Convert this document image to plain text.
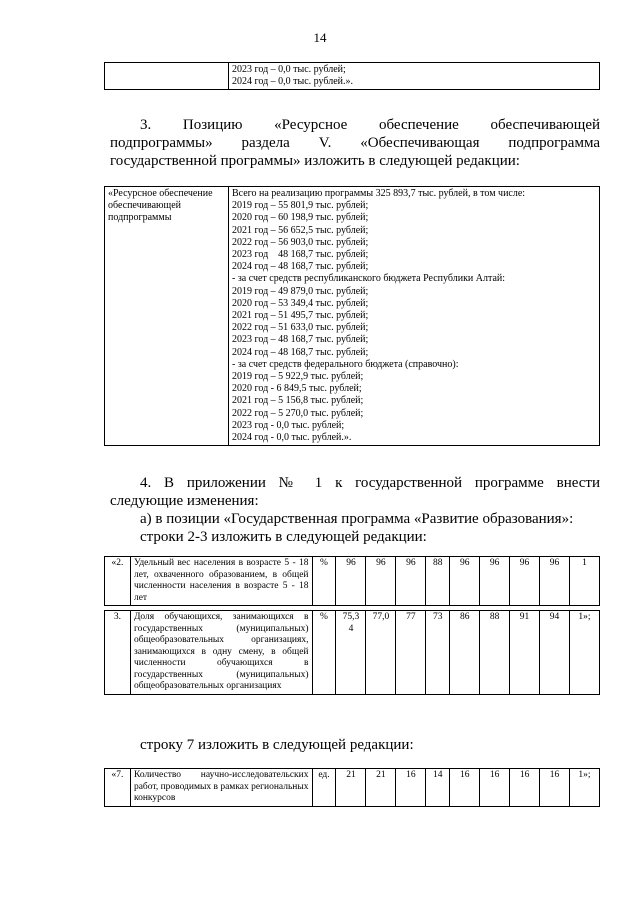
14

2023 год – 0,0 тыс. рублей;
2024 год – 0,0 тыс. рублей.».
3. Позицию «Ресурсное обеспечение обеспечивающей
подпрограммы» раздела V. «Обеспечивающая подпрограмма
государственной программы» изложить в следующей редакции:
«Ресурсное обеспечение обеспечивающей подпрограммы	
Всего на реализацию программы 325 893,7 тыс. рублей, в том числе:
2019 год – 55 801,9 тыс. рублей;
2020 год – 60 198,9 тыс. рублей;
2021 год – 56 652,5 тыс. рублей;
2022 год – 56 903,0 тыс. рублей;
2023 год    48 168,7 тыс. рублей;
2024 год – 48 168,7 тыс. рублей;
- за счет средств республиканского бюджета Республики Алтай:
2019 год – 49 879,0 тыс. рублей;
2020 год – 53 349,4 тыс. рублей;
2021 год – 51 495,7 тыс. рублей;
2022 год – 51 633,0 тыс. рублей;
2023 год – 48 168,7 тыс. рублей;
2024 год – 48 168,7 тыс. рублей;
- за счет средств федерального бюджета (справочно):
2019 год – 5 922,9 тыс. рублей;
2020 год - 6 849,5 тыс. рублей;
2021 год – 5 156,8 тыс. рублей;
2022 год – 5 270,0 тыс. рублей;
2023 год - 0,0 тыс. рублей;
2024 год - 0,0 тыс. рублей.».
4. В приложении № 1 к государственной программе внести
следующие изменения:
а) в позиции «Государственная программа «Развитие образования»:
строки 2-3 изложить в следующей редакции:
«2.	Удельный вес населения в возрасте 5 - 18 лет, охваченного образованием, в общей численности населения в возрасте 5 - 18 лет	%	96	96	96	88	96	96	96	96	1

3.	Доля обучающихся, занимающихся в государственных (муниципальных) общеобразовательных организациях, занимающихся в одну смену, в общей численности обучающихся в государственных (муниципальных) общеобразовательных организациях	%	75,3 4	77,0	77	73	86	88	91	94	1»;
строку 7 изложить в следующей редакции:
«7.	Количество научно-исследовательских работ, проводимых в рамках региональных конкурсов	ед.	21	21	16	14	16	16	16	16	1»;
